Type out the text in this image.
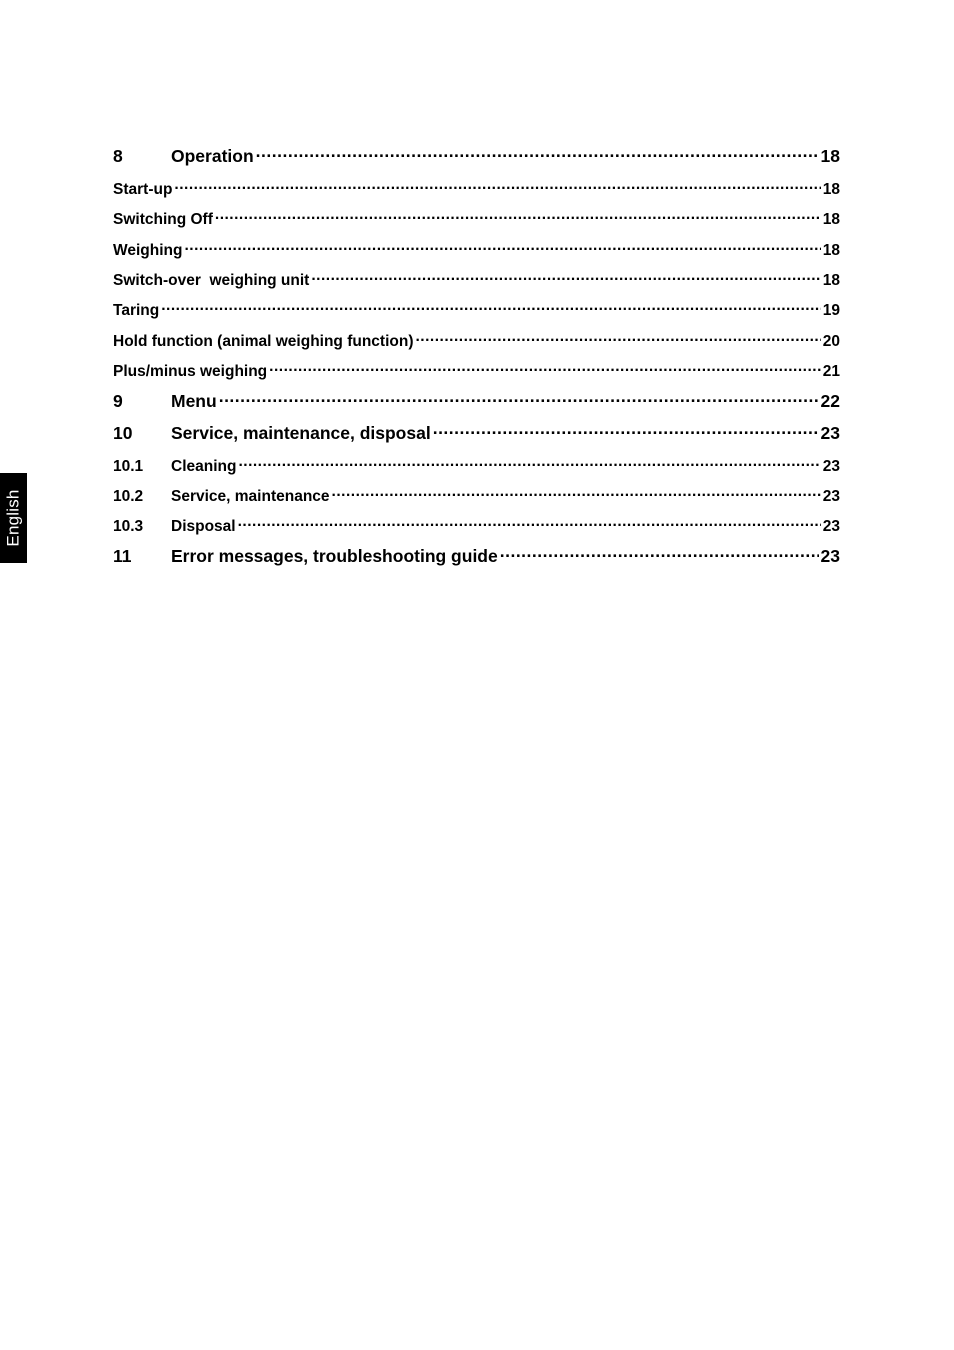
English
8	Operation .....	18
Start-up .....	18
Switching Off .....	18
Weighing .....	18
Switch-over  weighing unit .....	18
Taring .....	19
Hold function (animal weighing function) .....	20
Plus/minus weighing .....	21
9	Menu .....	22
10	Service, maintenance, disposal .....	23
10.1	Cleaning .....	23
10.2	Service, maintenance .....	23
10.3	Disposal .....	23
11	Error messages, troubleshooting guide .....	23
